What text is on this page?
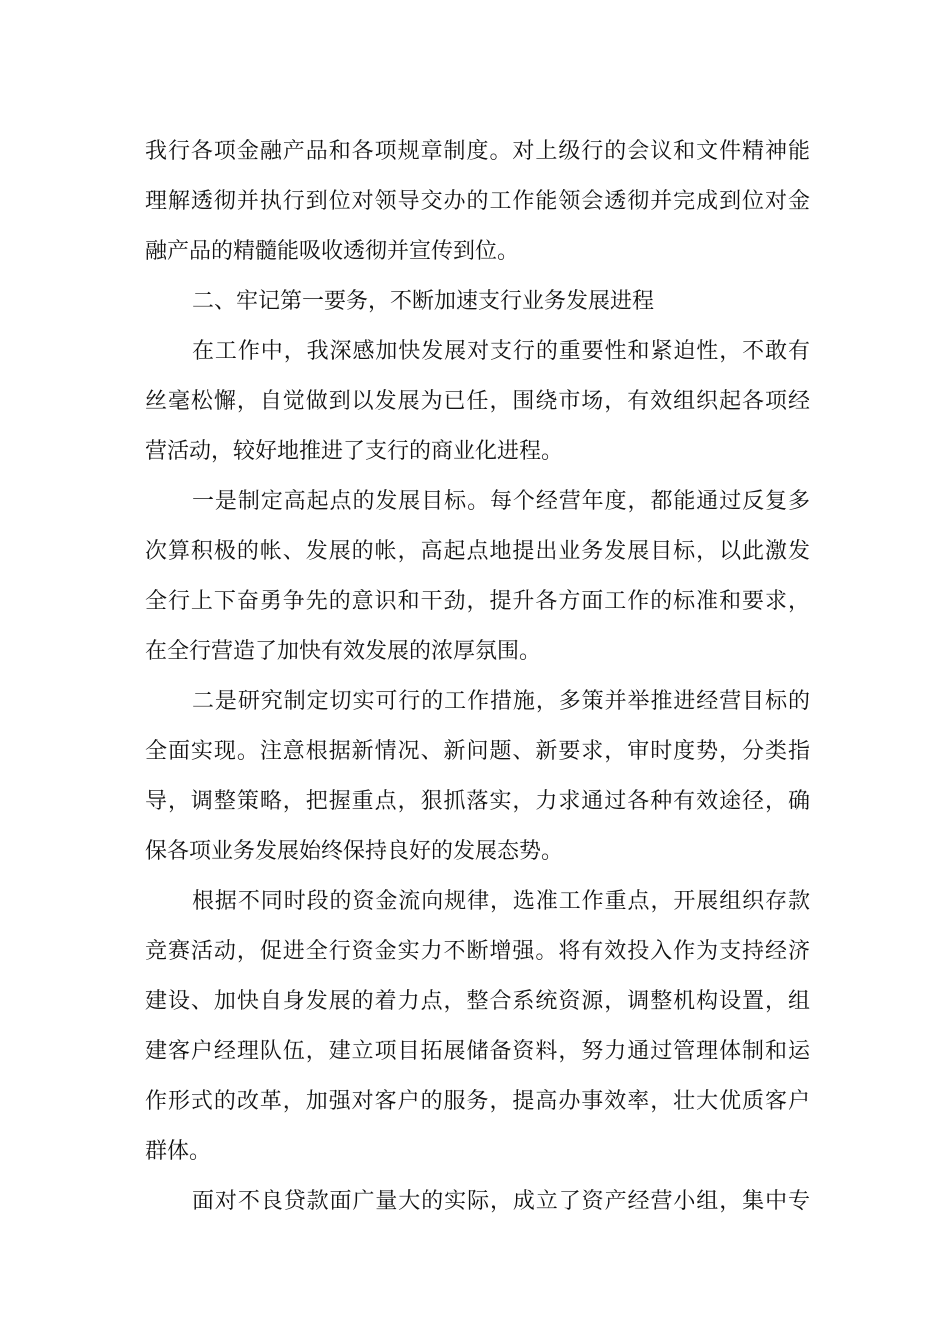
我行各项金融产品和各项规章制度。对上级行的会议和文件精神能
理解透彻并执行到位对领导交办的工作能领会透彻并完成到位对金
融产品的精髓能吸收透彻并宣传到位。
二、牢记第一要务，不断加速支行业务发展进程
在工作中，我深感加快发展对支行的重要性和紧迫性，不敢有
丝毫松懈，自觉做到以发展为已任，围绕市场，有效组织起各项经
营活动，较好地推进了支行的商业化进程。
一是制定高起点的发展目标。每个经营年度，都能通过反复多
次算积极的帐、发展的帐，高起点地提出业务发展目标，以此激发
全行上下奋勇争先的意识和干劲，提升各方面工作的标准和要求，
在全行营造了加快有效发展的浓厚氛围。
二是研究制定切实可行的工作措施，多策并举推进经营目标的
全面实现。注意根据新情况、新问题、新要求，审时度势，分类指
导，调整策略，把握重点，狠抓落实，力求通过各种有效途径，确
保各项业务发展始终保持良好的发展态势。
根据不同时段的资金流向规律，选准工作重点，开展组织存款
竞赛活动，促进全行资金实力不断增强。将有效投入作为支持经济
建设、加快自身发展的着力点，整合系统资源，调整机构设置，组
建客户经理队伍，建立项目拓展储备资料，努力通过管理体制和运
作形式的改革，加强对客户的服务，提高办事效率，壮大优质客户
群体。
面对不良贷款面广量大的实际，成立了资产经营小组，集中专
